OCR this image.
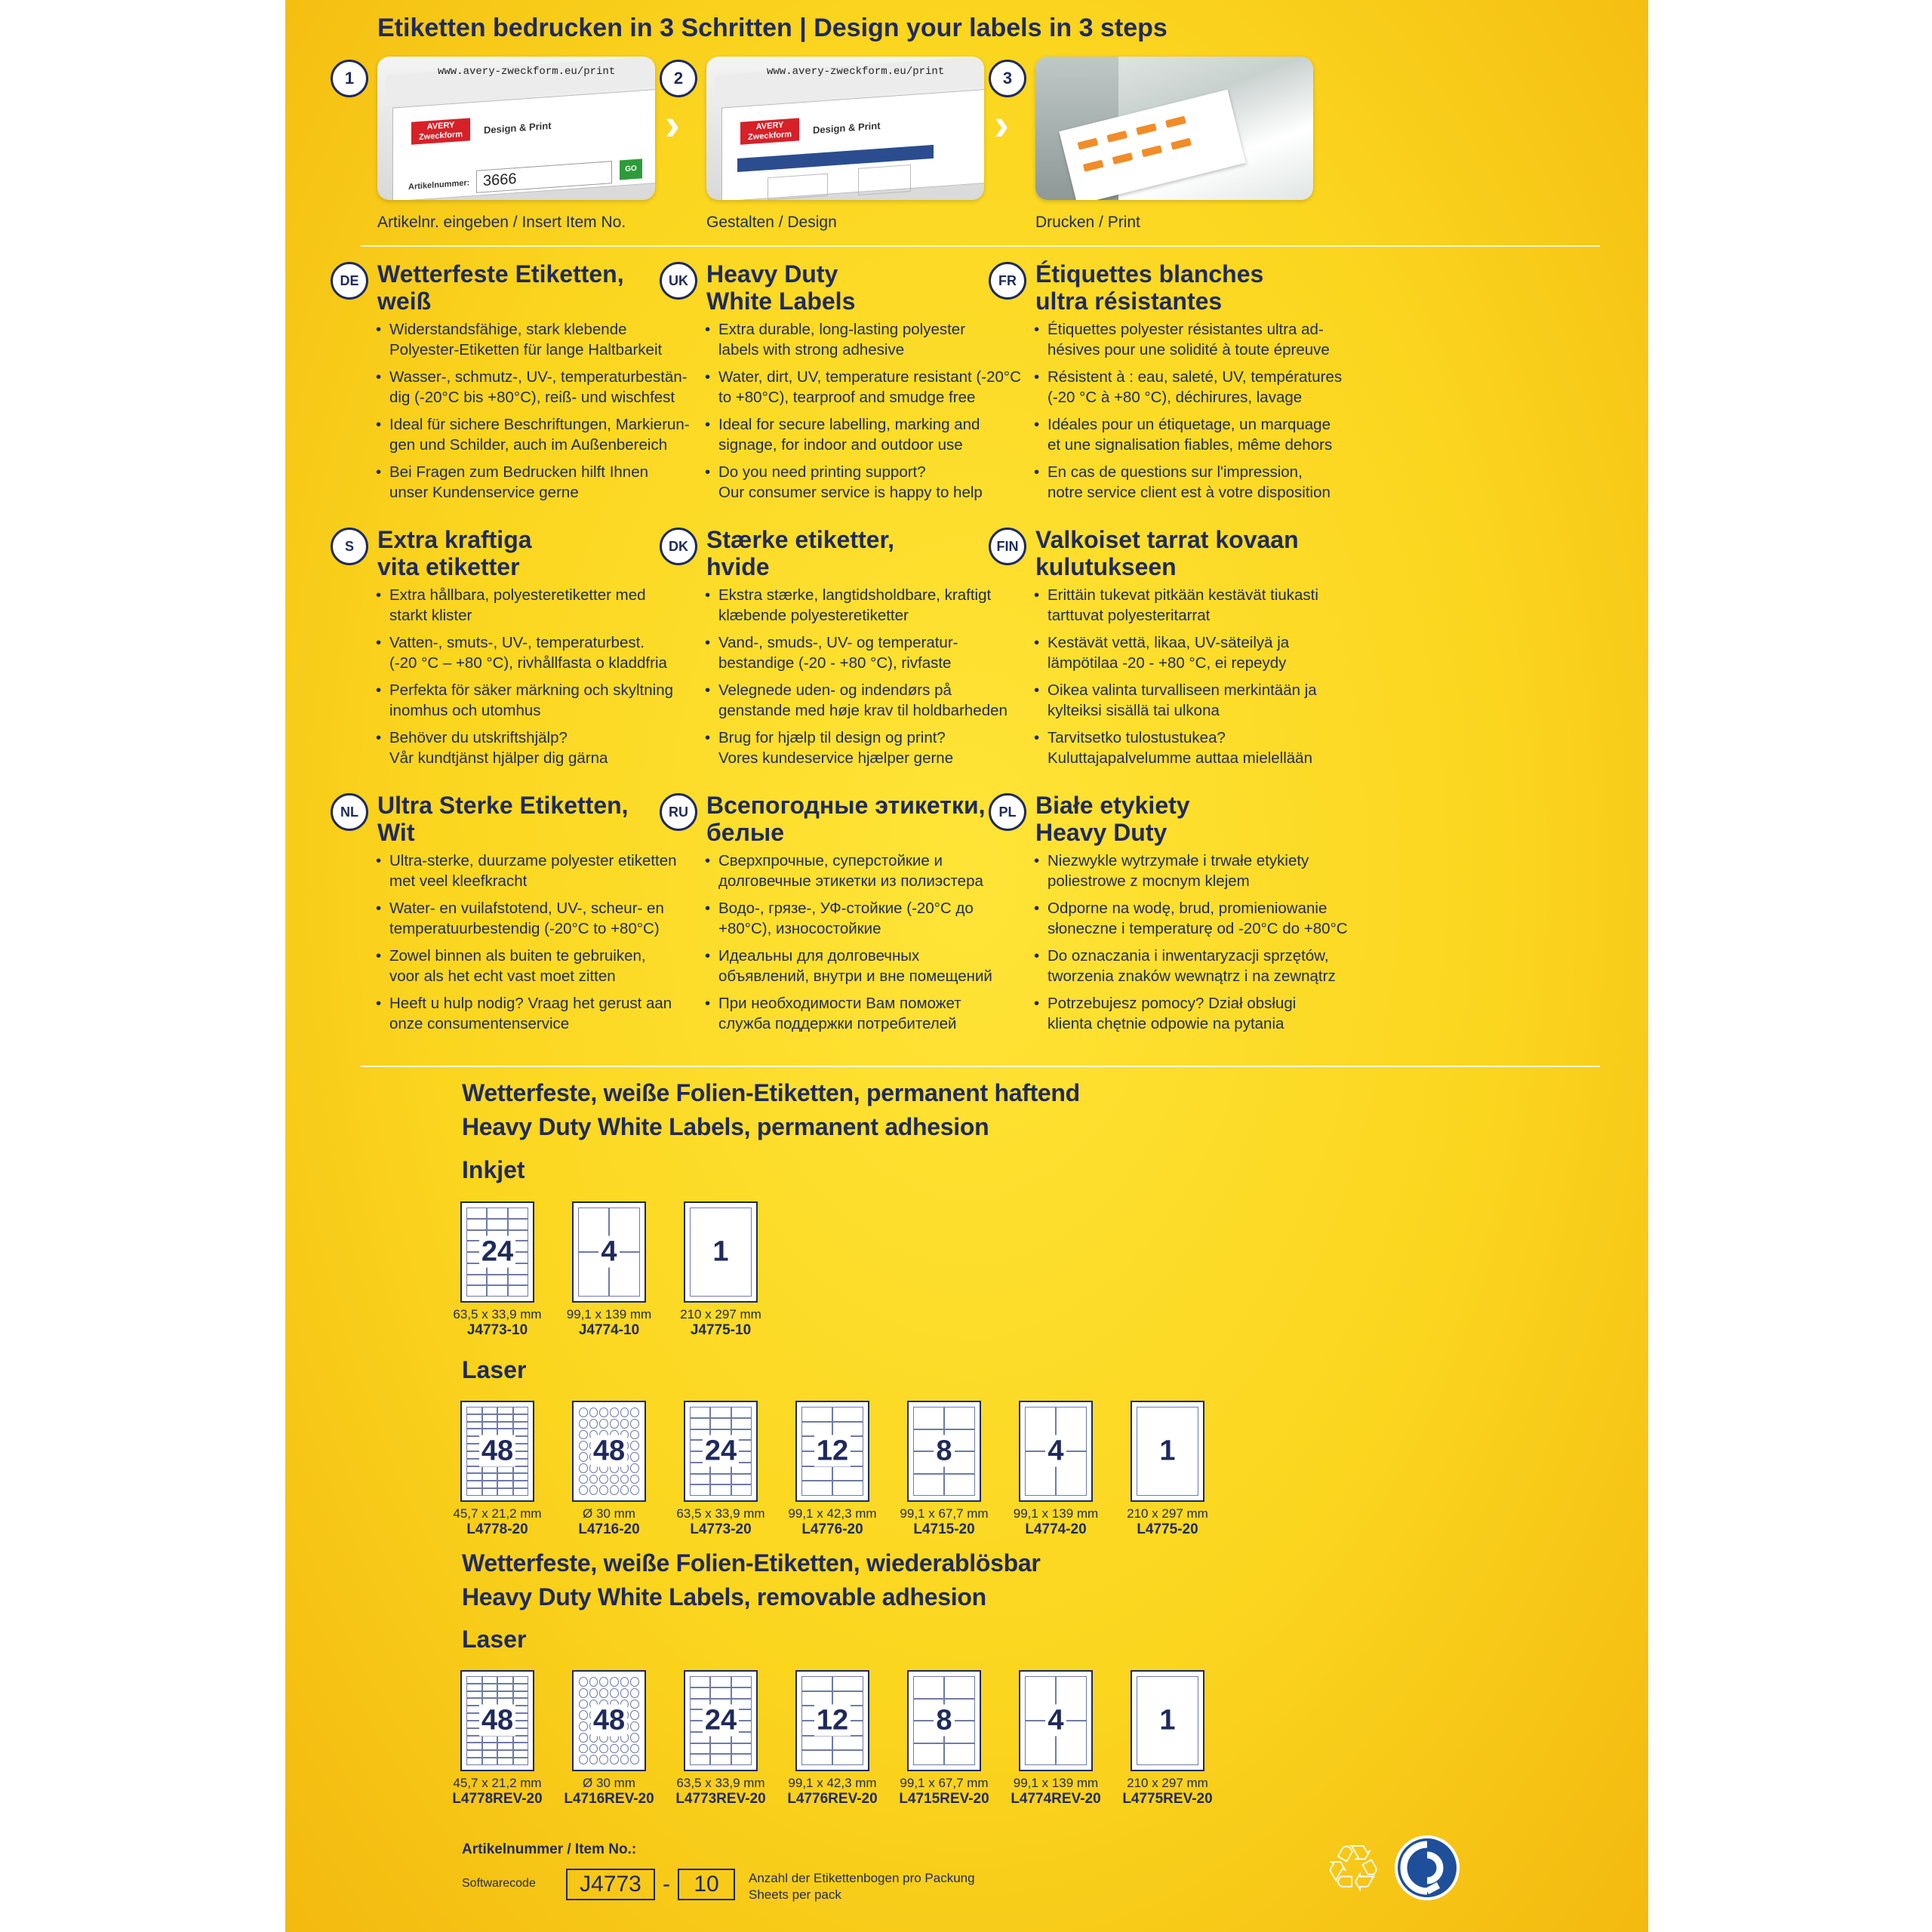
Etiketten bedrucken in 3 Schritten | Design your labels in 3 steps
1	www.avery-zweckform.eu/print
AVERY Zweckform	Design & Print
Artikelnummer: 3666
GO
Artikelnr. eingeben / Insert Item No.
›
2	www.avery-zweckform.eu/print
AVERY Zweckform	Design & Print
Gestalten / Design
›
3
Drucken / Print
DE Wetterfeste Etiketten,
weiß
• Widerstandsfähige, stark klebende
Polyester-Etiketten für lange Haltbarkeit
• Wasser-, schmutz-, UV-, temperaturbestän-
dig (-20°C bis +80°C), reiß- und wischfest
• Ideal für sichere Beschriftungen, Markierun-
gen und Schilder, auch im Außenbereich
• Bei Fragen zum Bedrucken hilft Ihnen
unser Kundenservice gerne
UK Heavy Duty
White Labels
• Extra durable, long-lasting polyester
labels with strong adhesive
• Water, dirt, UV, temperature resistant (-20°C
to +80°C), tearproof and smudge free
• Ideal for secure labelling, marking and
signage, for indoor and outdoor use
• Do you need printing support?
Our consumer service is happy to help
FR Étiquettes blanches
ultra résistantes
• Étiquettes polyester résistantes ultra ad-
hésives pour une solidité à toute épreuve
• Résistent à : eau, saleté, UV, températures
(-20 °C à +80 °C), déchirures, lavage
• Idéales pour un étiquetage, un marquage
et une signalisation fiables, même dehors
• En cas de questions sur l'impression,
notre service client est à votre disposition
S Extra kraftiga
vita etiketter
• Extra hållbara, polyesteretiketter med
starkt klister
• Vatten-, smuts-, UV-, temperaturbest.
(-20 °C – +80 °C), rivhållfasta o kladdfria
• Perfekta för säker märkning och skyltning
inomhus och utomhus
• Behöver du utskriftshjälp?
Vår kundtjänst hjälper dig gärna
DK Stærke etiketter,
hvide
• Ekstra stærke, langtidsholdbare, kraftigt
klæbende polyesteretiketter
• Vand-, smuds-, UV- og temperatur-
bestandige (-20 - +80 °C), rivfaste
• Velegnede uden- og indendørs på
genstande med høje krav til holdbarheden
• Brug for hjælp til design og print?
Vores kundeservice hjælper gerne
FIN Valkoiset tarrat kovaan
kulutukseen
• Erittäin tukevat pitkään kestävät tiukasti
tarttuvat polyesteritarrat
• Kestävät vettä, likaa, UV-säteilyä ja
lämpötilaa -20 - +80 °C, ei repeydy
• Oikea valinta turvalliseen merkintään ja
kylteiksi sisällä tai ulkona
• Tarvitsetko tulostustukea?
Kuluttajapalvelumme auttaa mielellään
NL Ultra Sterke Etiketten,
Wit
• Ultra-sterke, duurzame polyester etiketten
met veel kleefkracht
• Water- en vuilafstotend, UV-, scheur- en
temperatuurbestendig (-20°C to +80°C)
• Zowel binnen als buiten te gebruiken,
voor als het echt vast moet zitten
• Heeft u hulp nodig? Vraag het gerust aan
onze consumentenservice
RU Всепогодные этикетки,
белые
• Сверхпрочные, суперстойкие и
долговечные этикетки из полиэстера
• Водо-, грязе-, УФ-стойкие (-20°C до
+80°C), износостойкие
• Идеальны для долговечных
объявлений, внутри и вне помещений
• При необходимости Вам поможет
служба поддержки потребителей
PL Białe etykiety
Heavy Duty
• Niezwykle wytrzymałe i trwałe etykiety
poliestrowe z mocnym klejem
• Odporne na wodę, brud, promieniowanie
słoneczne i temperaturę od -20°C do +80°C
• Do oznaczania i inwentaryzacji sprzętów,
tworzenia znaków wewnątrz i na zewnątrz
• Potrzebujesz pomocy? Dział obsługi
klienta chętnie odpowie na pytania
Wetterfeste, weiße Folien-Etiketten, permanent haftend
Heavy Duty White Labels, permanent adhesion
Inkjet
24
63,5 x 33,9 mm
J4773-10
4
99,1 x 139 mm
J4774-10
1
210 x 297 mm
J4775-10
Laser
48
45,7 x 21,2 mm
L4778-20
48
Ø 30 mm
L4716-20
24
63,5 x 33,9 mm
L4773-20
12
99,1 x 42,3 mm
L4776-20
8
99,1 x 67,7 mm
L4715-20
4
99,1 x 139 mm
L4774-20
1
210 x 297 mm
L4775-20
Wetterfeste, weiße Folien-Etiketten, wiederablösbar
Heavy Duty White Labels, removable adhesion
Laser
48
45,7 x 21,2 mm
L4778REV-20
48
Ø 30 mm
L4716REV-20
24
63,5 x 33,9 mm
L4773REV-20
12
99,1 x 42,3 mm
L4776REV-20
8
99,1 x 67,7 mm
L4715REV-20
4
99,1 x 139 mm
L4774REV-20
1
210 x 297 mm
L4775REV-20
Artikelnummer / Item No.:
Softwarecode	J4773 -	10	Anzahl der Etikettenbogen pro Packung
Sheets per pack	♲
